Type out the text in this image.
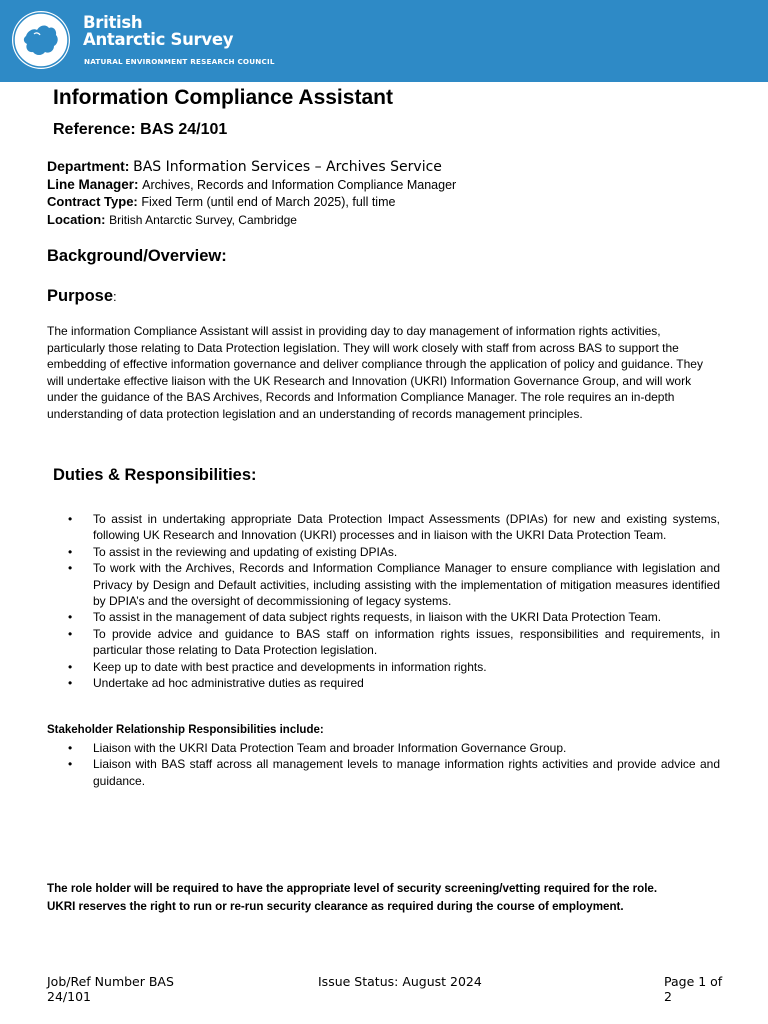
British
Antarctic Survey
NATURAL ENVIRONMENT RESEARCH COUNCIL
Information Compliance Assistant
Reference: BAS 24/101
Department: BAS Information Services – Archives Service
Line Manager: Archives, Records and Information Compliance Manager
Contract Type: Fixed Term (until end of March 2025), full time
Location: British Antarctic Survey, Cambridge
Background/Overview:
Purpose:
The information Compliance Assistant will assist in providing day to day management of information rights activities, particularly those relating to Data Protection legislation. They will work closely with staff from across BAS to support the embedding of effective information governance and deliver compliance through the application of policy and guidance. They will undertake effective liaison with the UK Research and Innovation (UKRI) Information Governance Group, and will work under the guidance of the BAS Archives, Records and Information Compliance Manager. The role requires an in-depth understanding of data protection legislation and an understanding of records management principles.
Duties & Responsibilities:
• To assist in undertaking appropriate Data Protection Impact Assessments (DPIAs) for new and existing systems, following UK Research and Innovation (UKRI) processes and in liaison with the UKRI Data Protection Team.
• To assist in the reviewing and updating of existing DPIAs.
• To work with the Archives, Records and Information Compliance Manager to ensure compliance with legislation and Privacy by Design and Default activities, including assisting with the implementation of mitigation measures identified by DPIA’s and the oversight of decommissioning of legacy systems.
• To assist in the management of data subject rights requests, in liaison with the UKRI Data Protection Team.
• To provide advice and guidance to BAS staff on information rights issues, responsibilities and requirements, in particular those relating to Data Protection legislation.
• Keep up to date with best practice and developments in information rights.
• Undertake ad hoc administrative duties as required
Stakeholder Relationship Responsibilities include:
• Liaison with the UKRI Data Protection Team and broader Information Governance Group.
• Liaison with BAS staff across all management levels to manage information rights activities and provide advice and guidance.
The role holder will be required to have the appropriate level of security screening/vetting required for the role.
UKRI reserves the right to run or re-run security clearance as required during the course of employment.
Job/Ref Number BAS 24/101
Issue Status: August 2024	Page 1 of 2
